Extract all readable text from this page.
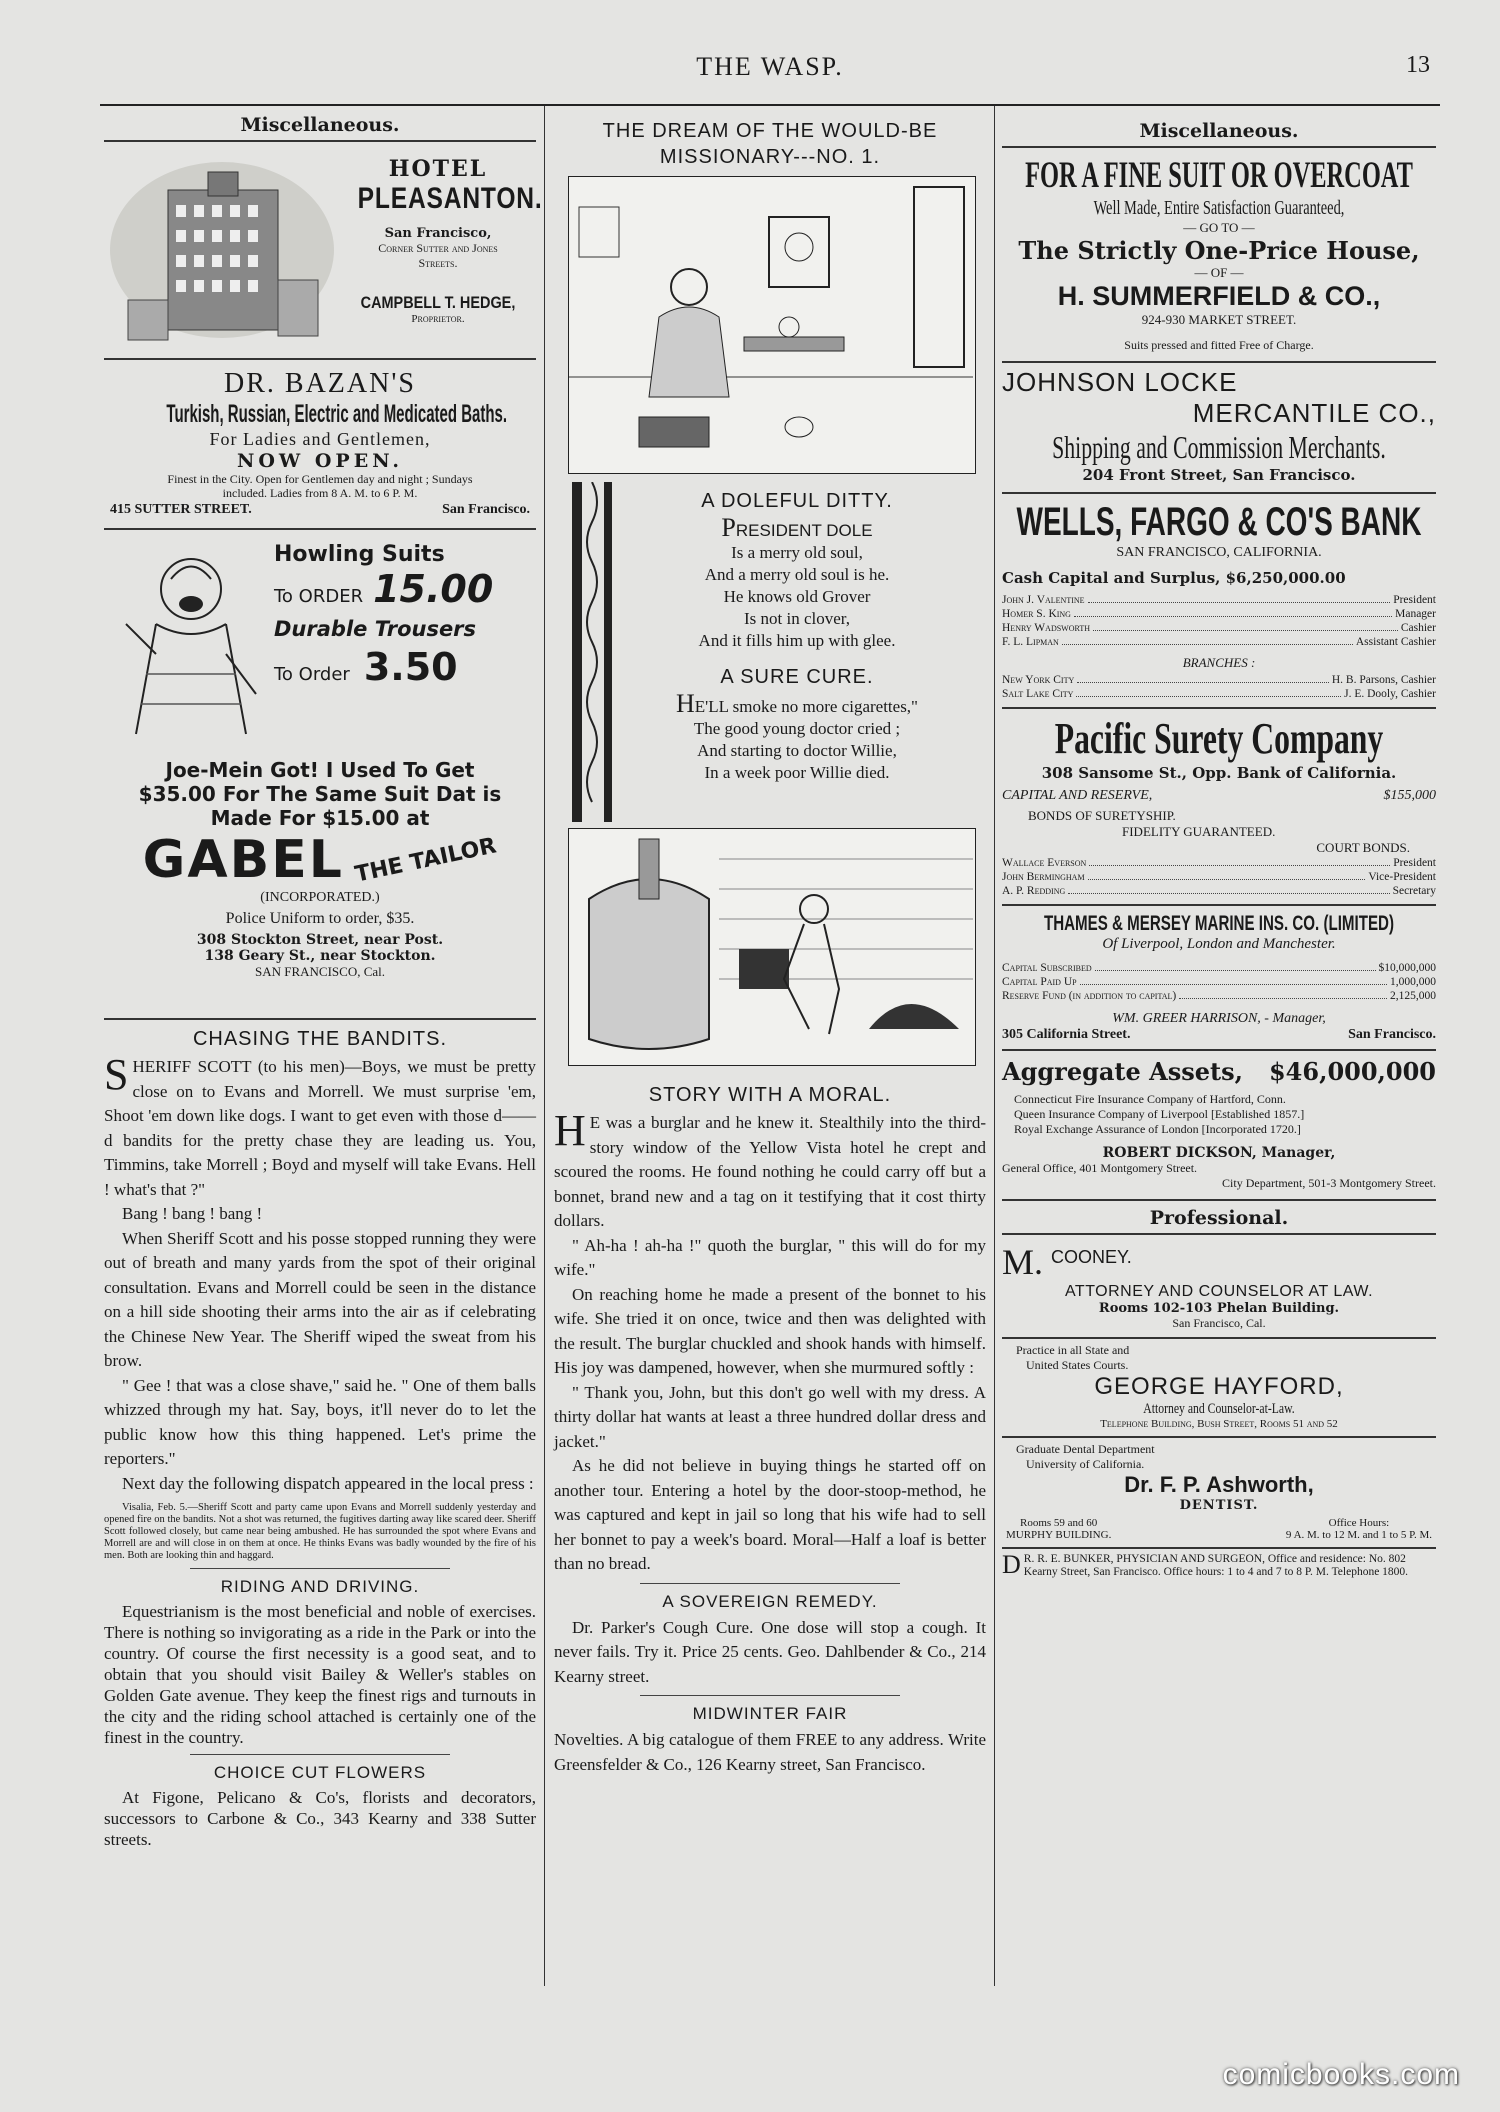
THE WASP.	13
Miscellaneous.
HOTEL
PLEASANTON.
San Francisco,
Corner Sutter and Jones
Streets.
CAMPBELL T. HEDGE,
Proprietor.
DR. BAZAN'S
Turkish, Russian, Electric and Medicated Baths.
For Ladies and Gentlemen,
NOW OPEN.
Finest in the City. Open for Gentlemen day and night ; Sundays
included. Ladies from 8 A. M. to 6 P. M.
415 SUTTER STREET.	San Francisco.
Howling Suits
To ORDER 15.00
Durable Trousers
To Order 3.50
Joe-Mein Got! I Used To Get
$35.00 For The Same Suit Dat is
Made For $15.00 at
GABEL THE TAILOR
(INCORPORATED.)
Police Uniform to order, $35.
308 Stockton Street, near Post.
138 Geary St., near Stockton.
SAN FRANCISCO, Cal.
CHASING THE BANDITS.
SHERIFF SCOTT (to his men)—Boys, we must be pretty close on to Evans and Morrell. We must surprise 'em, Shoot 'em down like dogs. I want to get even with those d——d bandits for the pretty chase they are leading us. You, Timmins, take Morrell ; Boyd and myself will take Evans. Hell ! what's that ?"
Bang ! bang ! bang !
When Sheriff Scott and his posse stopped running they were out of breath and many yards from the spot of their original consultation. Evans and Morrell could be seen in the distance on a hill side shooting their arms into the air as if celebrating the Chinese New Year. The Sheriff wiped the sweat from his brow.
" Gee ! that was a close shave," said he. " One of them balls whizzed through my hat. Say, boys, it'll never do to let the public know how this thing happened. Let's prime the reporters."
Next day the following dispatch appeared in the local press :
Visalia, Feb. 5.—Sheriff Scott and party came upon Evans and Morrell suddenly yesterday and opened fire on the bandits. Not a shot was returned, the fugitives darting away like scared deer. Sheriff Scott followed closely, but came near being ambushed. He has surrounded the spot where Evans and Morrell are and will close in on them at once. He thinks Evans was badly wounded by the fire of his men. Both are looking thin and haggard.
RIDING AND DRIVING.
Equestrianism is the most beneficial and noble of exercises. There is nothing so invigorating as a ride in the Park or into the country. Of course the first necessity is a good seat, and to obtain that you should visit Bailey & Weller's stables on Golden Gate avenue. They keep the finest rigs and turnouts in the city and the riding school attached is certainly one of the finest in the country.
CHOICE CUT FLOWERS
At Figone, Pelicano & Co's, florists and decorators, successors to Carbone & Co., 343 Kearny and 338 Sutter streets.
THE DREAM OF THE WOULD-BE MISSIONARY---NO. 1.
A DOLEFUL DITTY.
PRESIDENT DOLE
Is a merry old soul,
And a merry old soul is he.
He knows old Grover
Is not in clover,
And it fills him up with glee.
A SURE CURE.
HE'LL smoke no more cigarettes,"
The good young doctor cried ;
And starting to doctor Willie,
In a week poor Willie died.
STORY WITH A MORAL.
H E was a burglar and he knew it. Stealthily into the third-story window of the Yellow Vista hotel he crept and scoured the rooms. He found nothing he could carry off but a bonnet, brand new and a tag on it testifying that it cost thirty dollars.
" Ah-ha ! ah-ha !" quoth the burglar, " this will do for my wife."
On reaching home he made a present of the bonnet to his wife. She tried it on once, twice and then was delighted with the result. The burglar chuckled and shook hands with himself. His joy was dampened, however, when she murmured softly :
" Thank you, John, but this don't go well with my dress. A thirty dollar hat wants at least a three hundred dollar dress and jacket."
As he did not believe in buying things he started off on another tour. Entering a hotel by the door-stoop-method, he was captured and kept in jail so long that his wife had to sell her bonnet to pay a week's board. Moral—Half a loaf is better than no bread.
A SOVEREIGN REMEDY.
Dr. Parker's Cough Cure. One dose will stop a cough. It never fails. Try it. Price 25 cents. Geo. Dahlbender & Co., 214 Kearny street.
MIDWINTER FAIR
Novelties. A big catalogue of them FREE to any address. Write Greensfelder & Co., 126 Kearny street, San Francisco.
Miscellaneous.
FOR A FINE SUIT OR OVERCOAT
Well Made, Entire Satisfaction Guaranteed,
— GO TO —
The Strictly One-Price House,
— OF —
H. SUMMERFIELD & CO.,
924-930 MARKET STREET.
Suits pressed and fitted Free of Charge.
JOHNSON LOCKE
MERCANTILE CO.,
Shipping and Commission Merchants.
204 Front Street, San Francisco.
WELLS, FARGO & CO'S BANK
SAN FRANCISCO, CALIFORNIA.
Cash Capital and Surplus, $6,250,000.00
John J. Valentine	President
Homer S. King	Manager
Henry Wadsworth	Cashier
F. L. Lipman	Assistant Cashier
BRANCHES :
New York City	H. B. Parsons, Cashier
Salt Lake City	J. E. Dooly, Cashier
Pacific Surety Company
308 Sansome St., Opp. Bank of California.
CAPITAL AND RESERVE,	$155,000
BONDS OF SURETYSHIP.
FIDELITY GUARANTEED.
COURT BONDS.
Wallace Everson	President
John Bermingham	Vice-President
A. P. Redding	Secretary
THAMES & MERSEY MARINE INS. CO. (LIMITED)
Of Liverpool, London and Manchester.
Capital Subscribed	$10,000,000
Capital Paid Up	1,000,000
Reserve Fund (in addition to capital)	2,125,000
WM. GREER HARRISON, - Manager,
305 California Street.	San Francisco.
Aggregate Assets, $46,000,000
Connecticut Fire Insurance Company of Hartford, Conn.
Queen Insurance Company of Liverpool [Established 1857.]
Royal Exchange Assurance of London [Incorporated 1720.]
ROBERT DICKSON, Manager,
General Office, 401 Montgomery Street.
City Department, 501-3 Montgomery Street.
Professional.
M. COONEY.
ATTORNEY AND COUNSELOR AT LAW.
Rooms 102-103 Phelan Building.
San Francisco, Cal.
Practice in all State and
United States Courts.
GEORGE HAYFORD,
Attorney and Counselor-at-Law.
Telephone Building, Bush Street, Rooms 51 and 52
Graduate Dental Department
University of California.
Dr. F. P. Ashworth,
DENTIST.
Rooms 59 and 60
MURPHY BUILDING.
Office Hours:
9 A. M. to 12 M. and 1 to 5 P. M.
D R. R. E. BUNKER, PHYSICIAN AND SURGEON, Office and residence: No. 802 Kearny Street, San Francisco. Office hours: 1 to 4 and 7 to 8 P. M. Telephone 1800.
comicbooks.com
